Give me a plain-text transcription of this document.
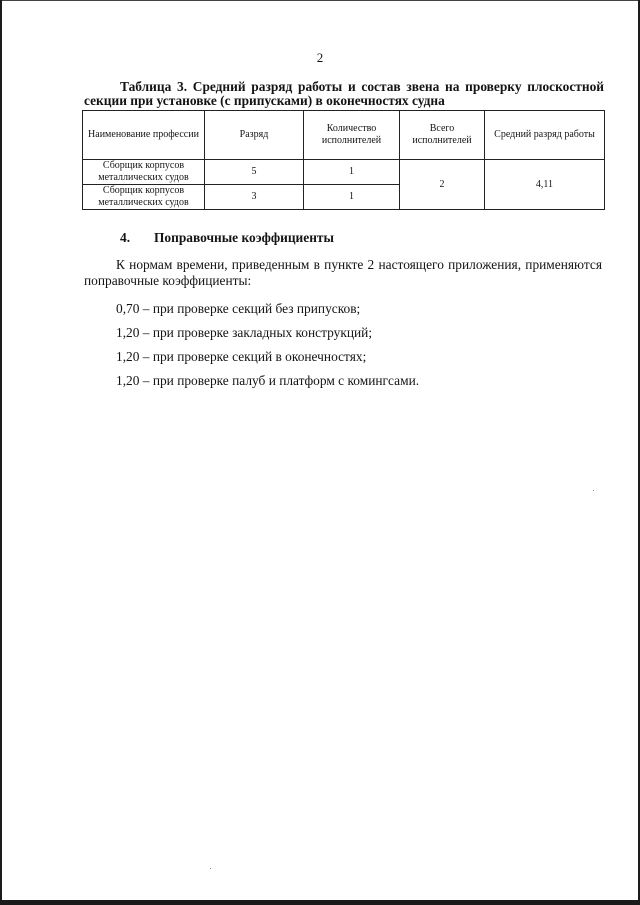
2
Таблица 3. Средний разряд работы и состав звена на проверку плоскостной
секции при установке (с припусками) в оконечностях судна
Наименование профессии	Разряд	Количество исполнителей	Всего исполнителей	Средний разряд работы
Сборщик корпусов металлических судов	5	1	2	4,11
Сборщик корпусов металлических судов	3	1		
4. Поправочные коэффициенты
К нормам времени, приведенным в пункте 2 настоящего приложения, применяются поправочные коэффициенты:
0,70 – при проверке секций без припусков;
1,20 – при проверке закладных конструкций;
1,20 – при проверке секций в оконечностях;
1,20 – при проверке палуб и платформ с комингсами.
